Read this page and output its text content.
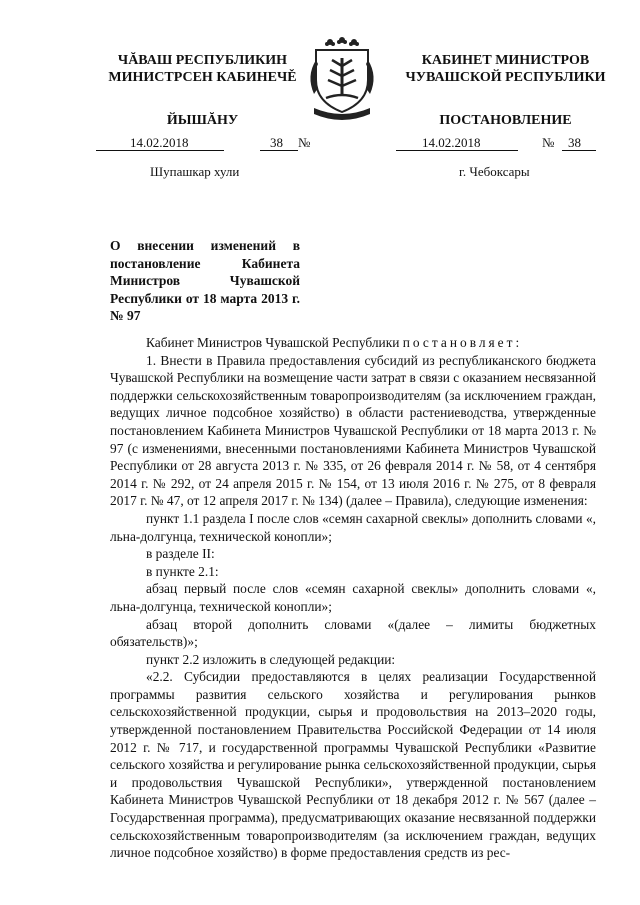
ЧĂВАШ РЕСПУБЛИКИН
МИНИСТРСЕН КАБИНЕЧĚ
ЙЫШĂНУ
КАБИНЕТ МИНИСТРОВ
ЧУВАШСКОЙ РЕСПУБЛИКИ
ПОСТАНОВЛЕНИЕ
14.02.2018	38 №	14.02.2018	№ 38
Шупашкар хули	г. Чебоксары
О внесении изменений в постановление Кабинета Министров Чувашской Республики от 18 марта 2013 г. № 97

Кабинет Министров Чувашской Республики постановляет:

1. Внести в Правила предоставления субсидий из республиканского бюджета Чувашской Республики на возмещение части затрат в связи с оказанием несвязанной поддержки сельскохозяйственным товаропроизводителям (за исключением граждан, ведущих личное подсобное хозяйство) в области растениеводства, утвержденные постановлением Кабинета Министров Чувашской Республики от 18 марта 2013 г. № 97 (с изменениями, внесенными постановлениями Кабинета Министров Чувашской Республики от 28 августа 2013 г. № 335, от 26 февраля 2014 г. № 58, от 4 сентября 2014 г. № 292, от 24 апреля 2015 г. № 154, от 13 июля 2016 г. № 275, от 8 февраля 2017 г. № 47, от 12 апреля 2017 г. № 134) (далее – Правила), следующие изменения:

пункт 1.1 раздела I после слов «семян сахарной свеклы» дополнить словами «, льна-долгунца, технической конопли»;

в разделе II:

в пункте 2.1:

абзац первый после слов «семян сахарной свеклы» дополнить словами «, льна-долгунца, технической конопли»;

абзац второй дополнить словами «(далее – лимиты бюджетных обязательств)»;

пункт 2.2 изложить в следующей редакции:

«2.2. Субсидии предоставляются в целях реализации Государственной программы развития сельского хозяйства и регулирования рынков сельскохозяйственной продукции, сырья и продовольствия на 2013–2020 годы, утвержденной постановлением Правительства Российской Федерации от 14 июля 2012 г. № 717, и государственной программы Чувашской Республики «Развитие сельского хозяйства и регулирование рынка сельскохозяйственной продукции, сырья и продовольствия Чувашской Республики», утвержденной постановлением Кабинета Министров Чувашской Республики от 18 декабря 2012 г. № 567 (далее – Государственная программа), предусматривающих оказание несвязанной поддержки сельскохозяйственным товаропроизводителям (за исключением граждан, ведущих личное подсобное хозяйство) в форме предоставления средств из рес-
